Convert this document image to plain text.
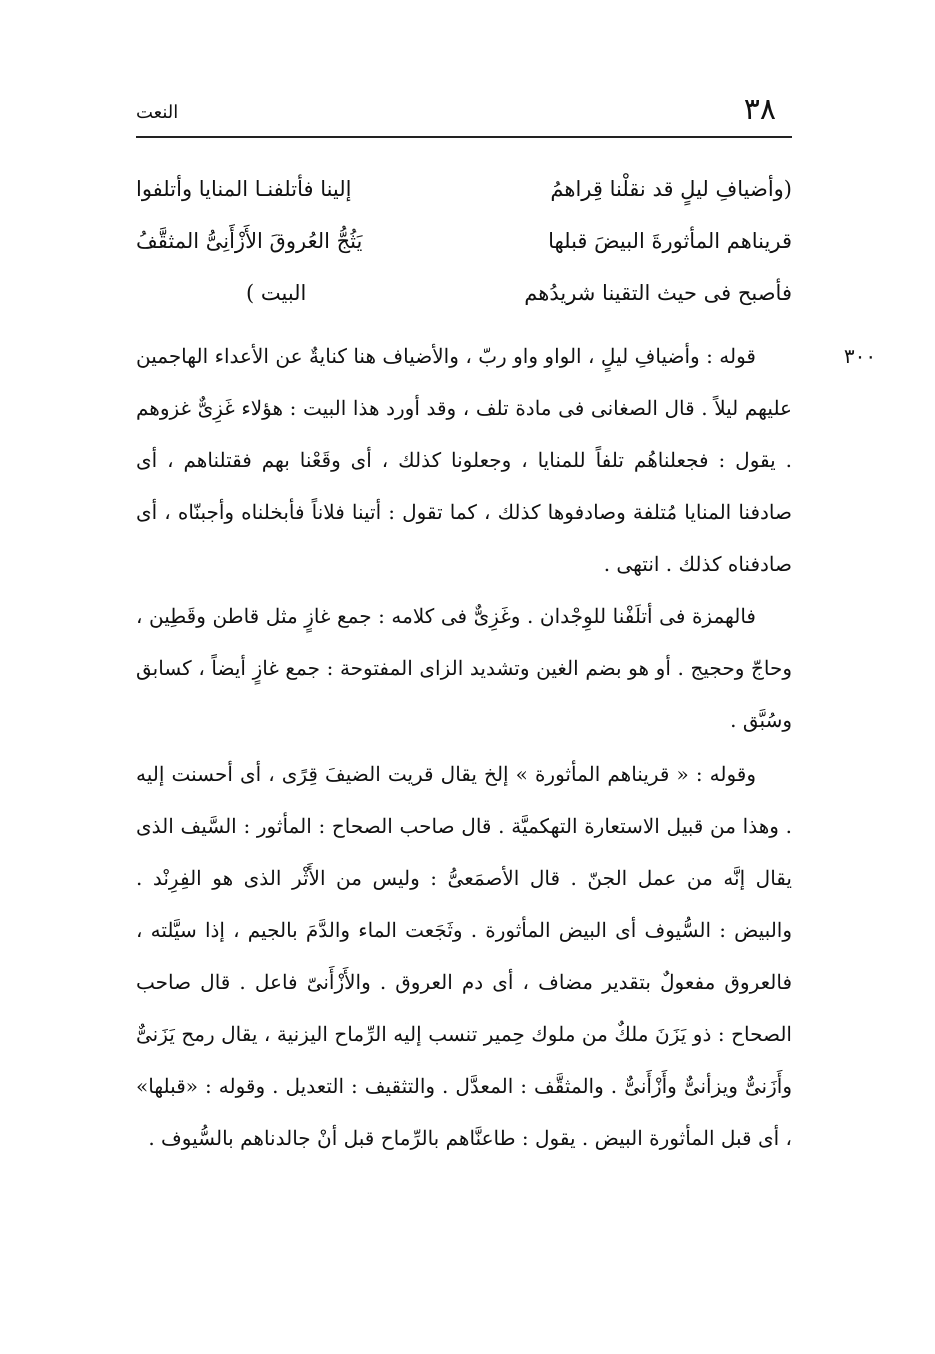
٣٨
النعت
٣٠٠
(وأضيافِ ليلٍ قد نقلْنا قِراهمُ
إلينا فأتلفنـا المنايا وأتلفوا
قريناهم المأثورةَ البيضَ قبلها
يَثُجُّ العُروقَ الأَزْأَنِىُّ المثقَّفُ
فأصبح فى حيث التقينا شريدُهم
البيت )

قوله : وأضيافِ ليلٍ ، الواو واو ربّ ، والأضياف هنا كنايةٌ عن الأعداء الهاجمين عليهم ليلاً . قال الصغانى فى مادة تلف ، وقد أورد هذا البيت : هؤلاء غَزِىٌّ غزوهم . يقول : فجعلناهُم تلفاً للمنايا ، وجعلونا كذلك ، أى وقَعْنا بهم فقتلناهم ، أى صادفنا المنايا مُتلفة وصادفوها كذلك ، كما تقول : أتينا فلاناً فأبخلناه وأجبنّاه ، أى صادفناه كذلك . انتهى .

فالهمزة فى أتلَفْنا للوِجْدان . وغَزِىٌّ فى كلامه : جمع غازٍ مثل قاطن وقَطِين ، وحاجّ وحجيج . أو هو بضم الغين وتشديد الزاى المفتوحة : جمع غازٍ أيضاً ، كسابق وسُبَّق .

وقوله : « قريناهم المأثورة » إلخ يقال قريت الضيفَ قِرًى ، أى أحسنت إليه . وهذا من قبيل الاستعارة التهكميَّة . قال صاحب الصحاح : المأثور : السَّيف الذى يقال إنَّه من عمل الجنّ . قال الأصمَعىُّ : وليس من الأَثْر الذى هو الفِرِنْد . والبيض : السُّيوف أى البيض المأثورة . وثَجَعت الماء والدَّمَ بالجيم ، إذا سيَّلته ، فالعروق مفعولٌ بتقدير مضاف ، أى دم العروق . والأَزْأَنىّ فاعل . قال صاحب الصحاح : ذو يَزَنَ ملكٌ من ملوك حِمير تنسب إليه الرِّماح اليزنية ، يقال رمح يَزَنىٌّ وأَزَنىٌّ ويزأنىٌّ وأَزْأَنىٌّ . والمثقَّف : المعدَّل . والتثقيف : التعديل . وقوله : «قبلها» ، أى قبل المأثورة البيض . يقول : طاعنَّاهم بالرِّماح قبل أنْ جالدناهم بالسُّيوف .
